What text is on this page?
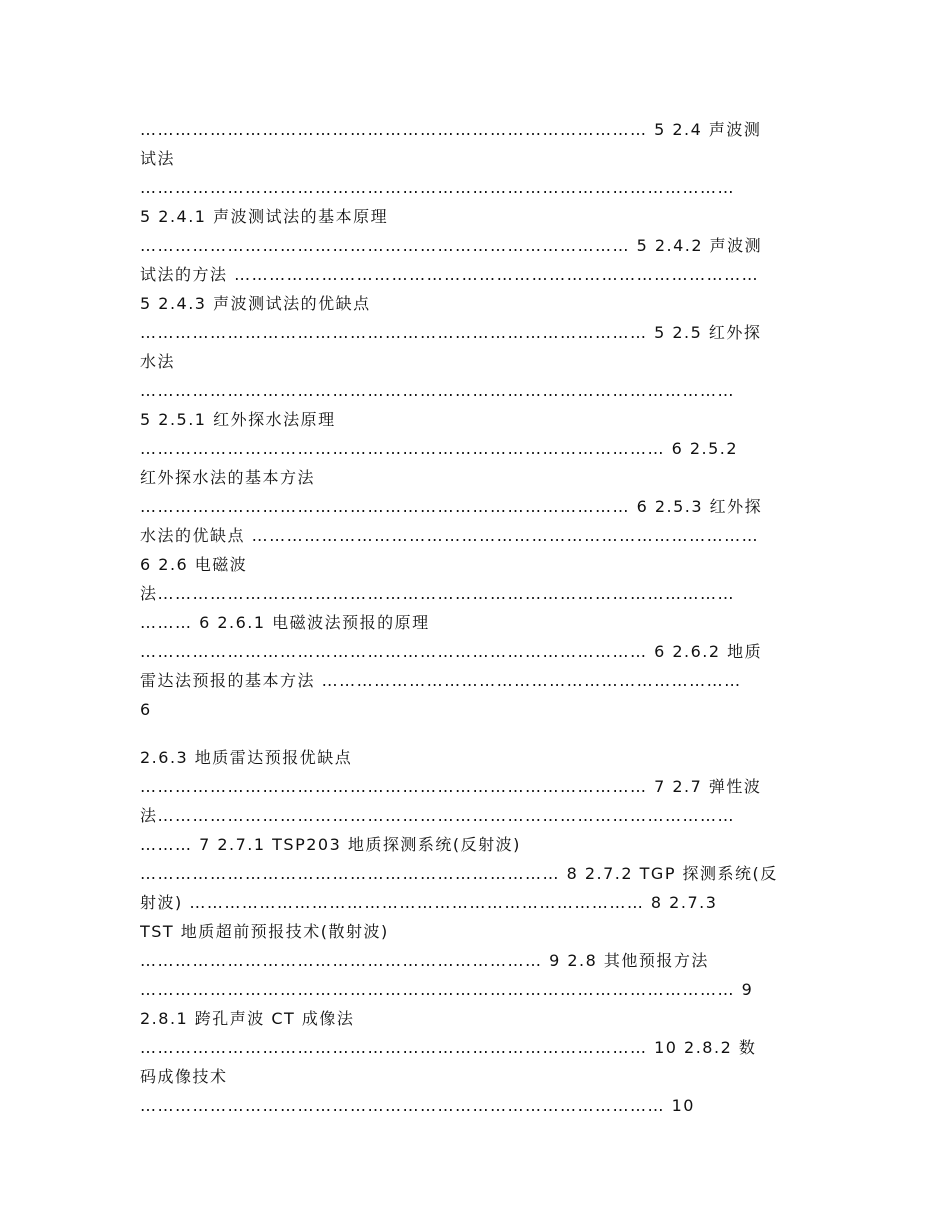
…………………………………………………………………………… 5 2.4 声波测
试法
…………………………………………………………………………………………
5 2.4.1 声波测试法的基本原理
………………………………………………………………………… 5 2.4.2 声波测
试法的方法 ………………………………………………………………………………
5 2.4.3 声波测试法的优缺点
…………………………………………………………………………… 5 2.5 红外探
水法
…………………………………………………………………………………………
5 2.5.1 红外探水法原理
……………………………………………………………………………… 6 2.5.2
红外探水法的基本方法
………………………………………………………………………… 6 2.5.3 红外探
水法的优缺点 ……………………………………………………………………………
6 2.6 电磁波
法………………………………………………………………………………………
……… 6 2.6.1 电磁波法预报的原理
…………………………………………………………………………… 6 2.6.2 地质
雷达法预报的基本方法 ………………………………………………………………
6
2.6.3 地质雷达预报优缺点
…………………………………………………………………………… 7 2.7 弹性波
法………………………………………………………………………………………
……… 7 2.7.1 TSP203 地质探测系统(反射波)
……………………………………………………………… 8 2.7.2 TGP 探测系统(反
射波) …………………………………………………………………… 8 2.7.3
TST 地质超前预报技术(散射波)
…………………………………………………………… 9 2.8 其他预报方法
………………………………………………………………………………………… 9
2.8.1 跨孔声波 CT 成像法
…………………………………………………………………………… 10 2.8.2 数
码成像技术
……………………………………………………………………………… 10
